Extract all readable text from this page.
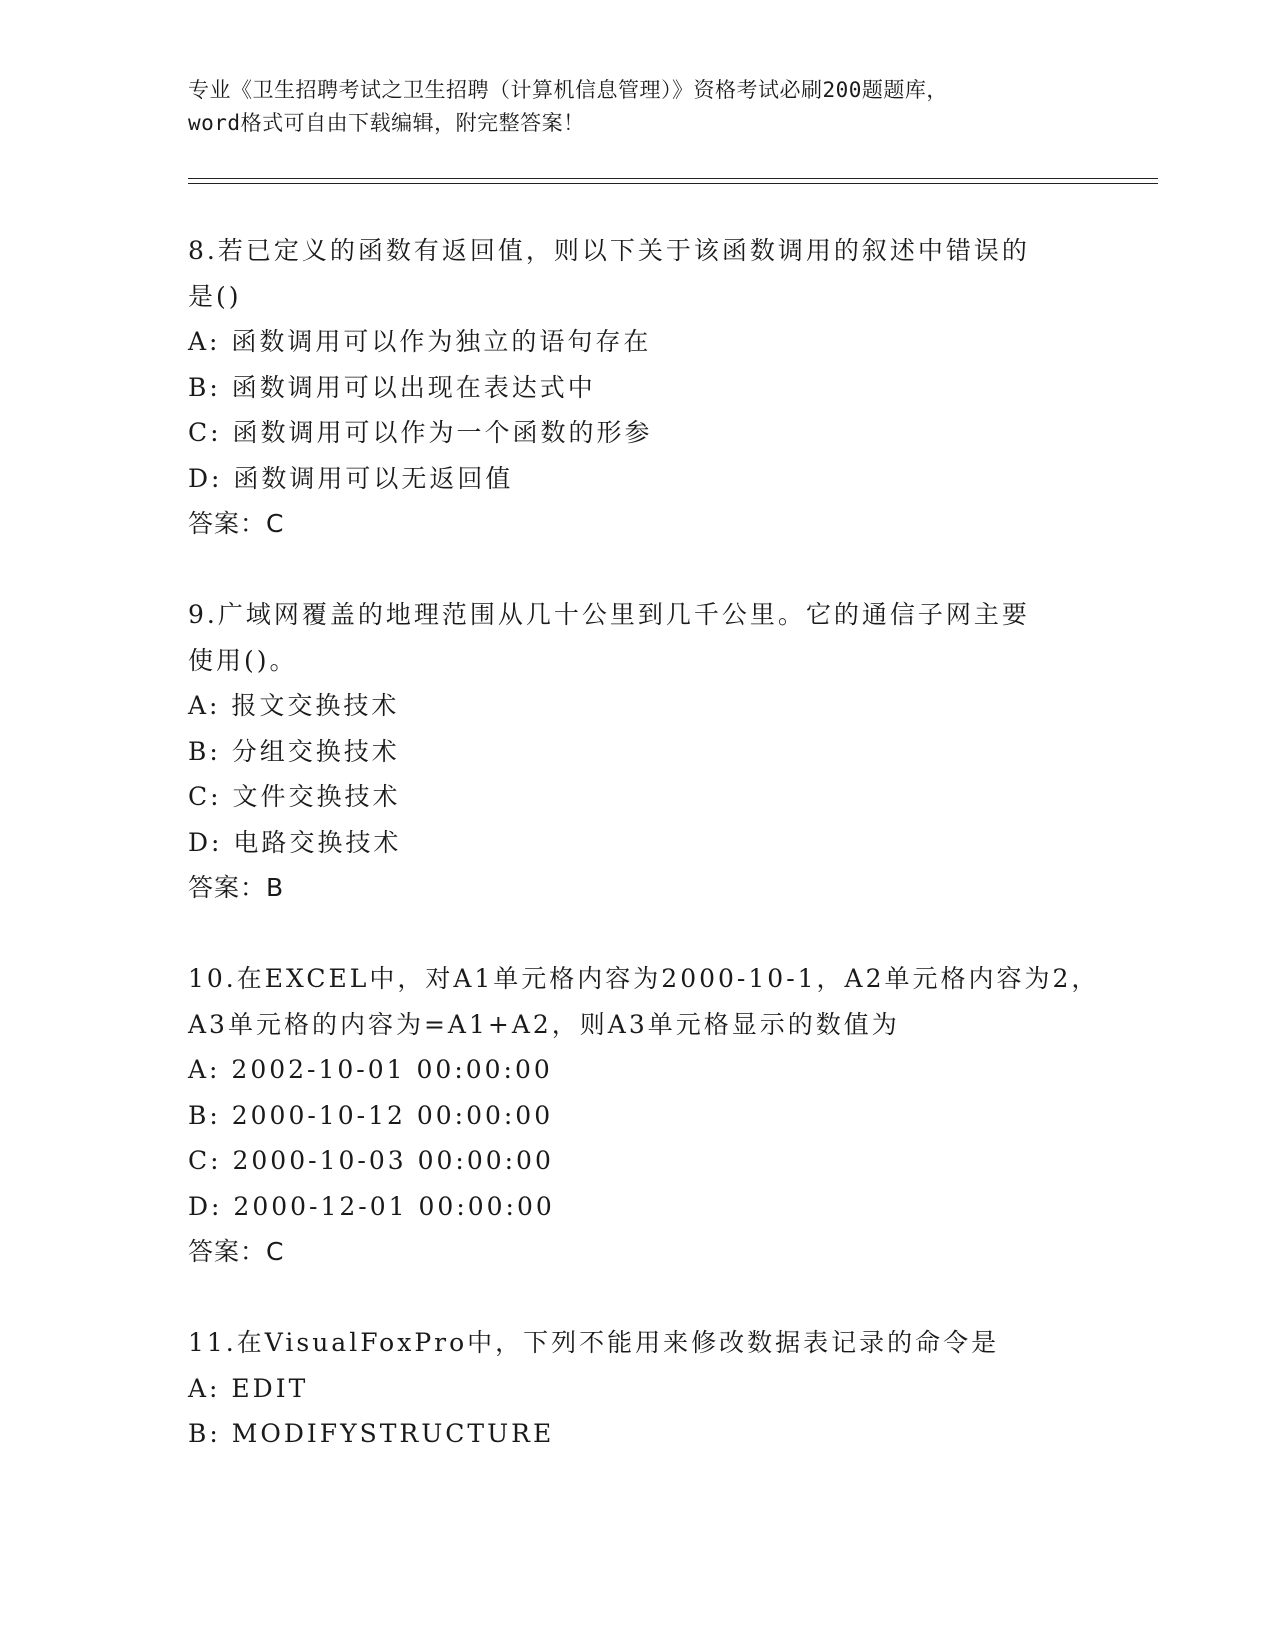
专业《卫生招聘考试之卫生招聘（计算机信息管理）》资格考试必刷200题题库，
word格式可自由下载编辑，附完整答案！
8.若已定义的函数有返回值，则以下关于该函数调用的叙述中错误的
是()
A: 函数调用可以作为独立的语句存在
B: 函数调用可以出现在表达式中
C: 函数调用可以作为一个函数的形参
D: 函数调用可以无返回值
答案：C
9.广域网覆盖的地理范围从几十公里到几千公里。它的通信子网主要
使用()。
A: 报文交换技术
B: 分组交换技术
C: 文件交换技术
D: 电路交换技术
答案：B
10.在EXCEL中，对A1单元格内容为2000-10-1，A2单元格内容为2，
A3单元格的内容为=A1+A2，则A3单元格显示的数值为
A: 2002-10-01 00:00:00
B: 2000-10-12 00:00:00
C: 2000-10-03 00:00:00
D: 2000-12-01 00:00:00
答案：C
11.在VisualFoxPro中，下列不能用来修改数据表记录的命令是
A: EDIT
B: MODIFYSTRUCTURE
